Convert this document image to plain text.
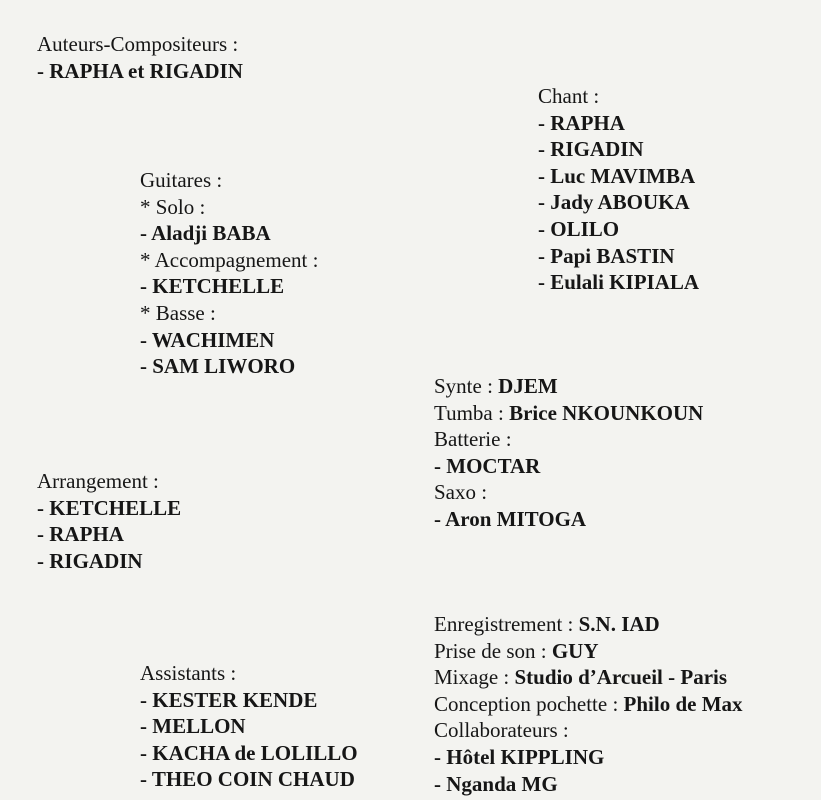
Auteurs-Compositeurs :
- RAPHA et RIGADIN
Chant :
- RAPHA
- RIGADIN
- Luc MAVIMBA
- Jady ABOUKA
- OLILO
- Papi BASTIN
- Eulali KIPIALA
Guitares :
* Solo :
- Aladji BABA
* Accompagnement :
- KETCHELLE
* Basse :
- WACHIMEN
- SAM LIWORO
Synte : DJEM
Tumba : Brice NKOUNKOUN
Batterie :
- MOCTAR
Saxo :
- Aron MITOGA
Arrangement :
- KETCHELLE
- RAPHA
- RIGADIN
Enregistrement : S.N. IAD
Prise de son : GUY
Mixage : Studio d’Arcueil - Paris
Conception pochette : Philo de Max
Collaborateurs :
- Hôtel KIPPLING
- Nganda MG
Assistants :
- KESTER KENDE
- MELLON
- KACHA de LOLILLO
- THEO COIN CHAUD
